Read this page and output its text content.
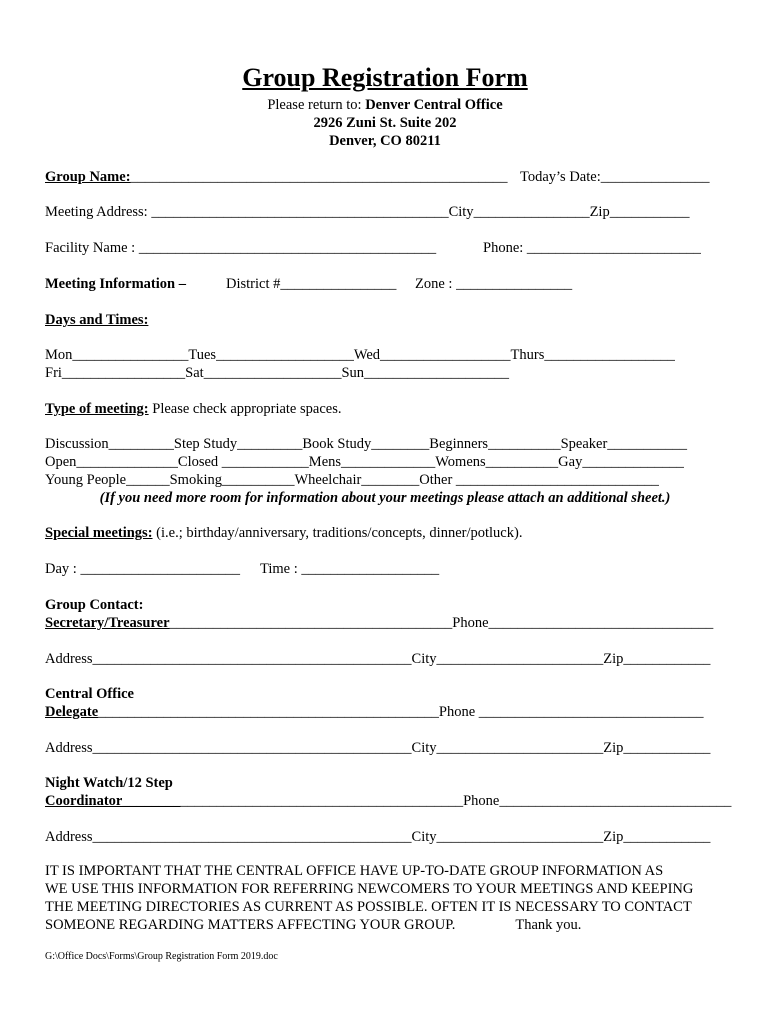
Group Registration Form
Please return to: Denver Central Office
2926 Zuni St. Suite 202
Denver, CO 80211
Group Name:____________________________________________________ Today’s Date:_______________
Meeting Address: _________________________________________City________________Zip___________
Facility Name : _________________________________________	Phone: ________________________
Meeting Information –	District #________________ Zone : ________________
Days and Times:
Mon________________Tues___________________Wed__________________Thurs__________________
Fri_________________Sat___________________Sun____________________
Type of meeting: Please check appropriate spaces.
Discussion_________Step Study_________Book Study________Beginners__________Speaker___________
Open______________Closed ____________Mens_____________Womens__________Gay______________
Young People______Smoking__________Wheelchair________Other ____________________________
(If you need more room for information about your meetings please attach an additional sheet.)
Special meetings: (i.e.; birthday/anniversary, traditions/concepts, dinner/potluck).
Day : ______________________ Time : ___________________
Group Contact:
Secretary/Treasurer_______________________________________Phone_______________________________
Address____________________________________________City_______________________Zip____________
Central Office
Delegate_______________________________________________Phone _______________________________
Address____________________________________________City_______________________Zip____________
Night Watch/12 Step
Coordinator_______________________________________________Phone________________________________
Address____________________________________________City_______________________Zip____________
IT IS IMPORTANT THAT THE CENTRAL OFFICE HAVE UP-TO-DATE GROUP INFORMATION AS
WE USE THIS INFORMATION FOR REFERRING NEWCOMERS TO YOUR MEETINGS AND KEEPING
THE MEETING DIRECTORIES AS CURRENT AS POSSIBLE. OFTEN IT IS NECESSARY TO CONTACT
SOMEONE REGARDING MATTERS AFFECTING YOUR GROUP.	Thank you.
G:\Office Docs\Forms\Group Registration Form 2019.doc
